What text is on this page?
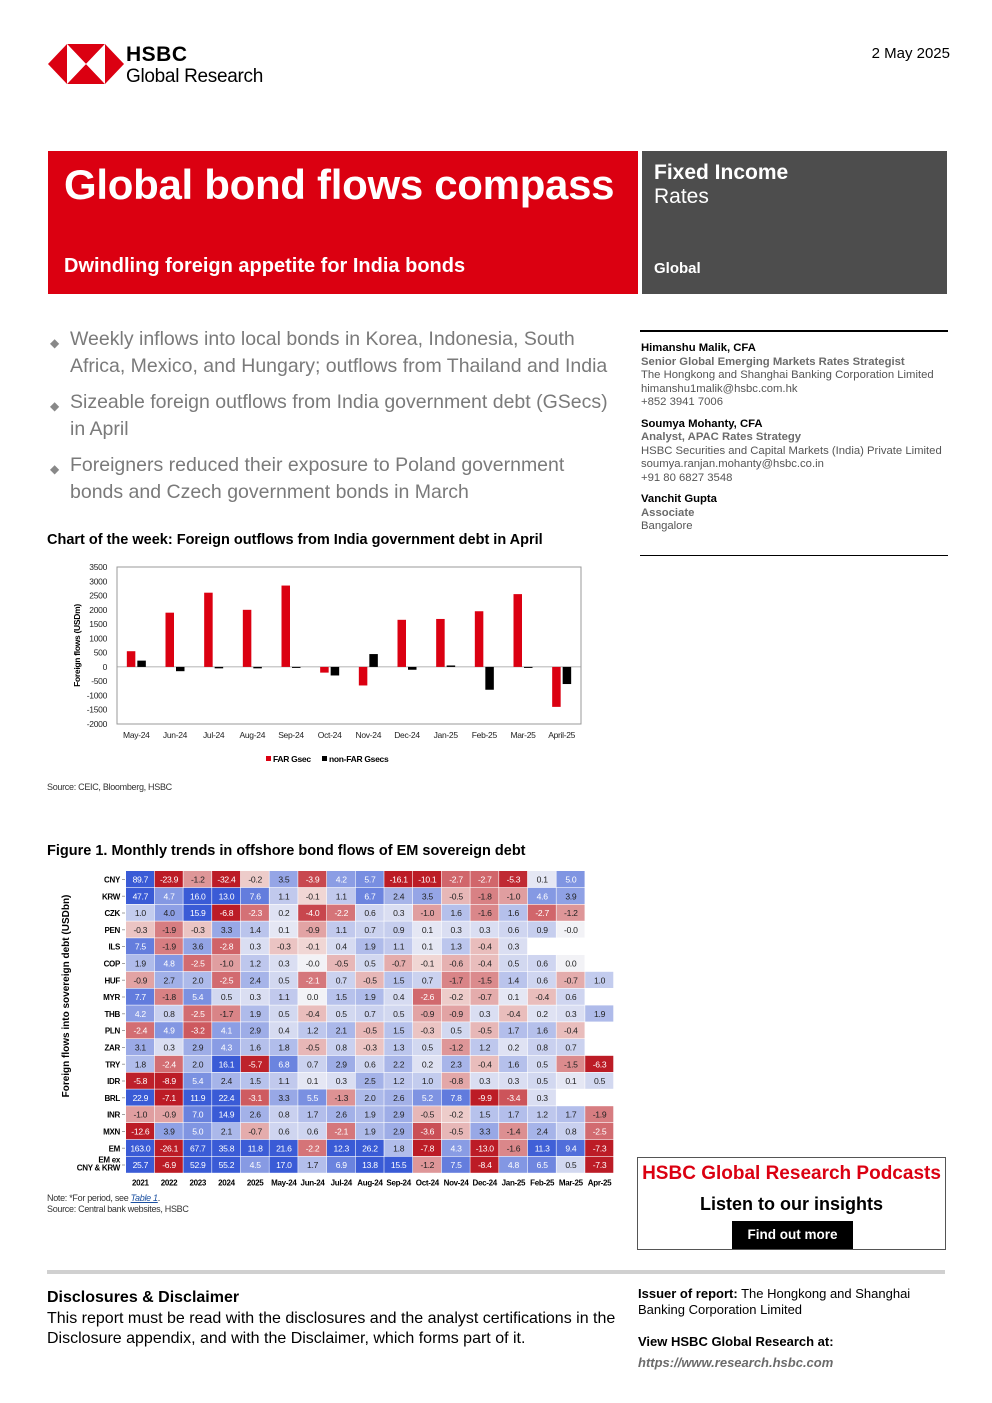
HSBC
Global Research
2 May 2025
Global bond flows compass
Dwindling foreign appetite for India bonds
Fixed Income
Rates
Global
◆ Weekly inflows into local bonds in Korea, Indonesia, South Africa, Mexico, and Hungary; outflows from Thailand and India
◆ Sizeable foreign outflows from India government debt (GSecs) in April
◆ Foreigners reduced their exposure to Poland government bonds and Czech government bonds in March
Himanshu Malik, CFA
Senior Global Emerging Markets Rates Strategist
The Hongkong and Shanghai Banking Corporation Limited
himanshu1malik@hsbc.com.hk
+852 3941 7006
Soumya Mohanty, CFA
Analyst, APAC Rates Strategy
HSBC Securities and Capital Markets (India) Private Limited
soumya.ranjan.mohanty@hsbc.co.in
+91 80 6827 3548
Vanchit Gupta
Associate
Bangalore
Chart of the week: Foreign outflows from India government debt in April
3500
3000
2500
2000
1500
1000
500
0
-500
-1000
-1500
-2000
Foreign flows (USDm)
May-24 Jun-24 Jul-24 Aug-24 Sep-24 Oct-24 Nov-24 Dec-24 Jan-25 Feb-25 Mar-25 April-25
FAR Gsec non-FAR Gsecs
Source: CEIC, Bloomberg, HSBC
Figure 1. Monthly trends in offshore bond flows of EM sovereign debt
Foreign flows into sovereign debt (USDbn)
CNY 89.7 -23.9 -1.2 -32.4 -0.2 3.5 -3.9 4.2 5.7 -16.1 -10.1 -2.7 -2.7 -5.3 0.1 5.0
KRW 47.7 4.7 16.0 13.0 7.6 1.1 -0.1 1.1 6.7 2.4 3.5 -0.5 -1.8 -1.0 4.6 3.9
CZK 1.0 4.0 15.9 -6.8 -2.3 0.2 -4.0 -2.2 0.6 0.3 -1.0 1.6 -1.6 1.6 -2.7 -1.2
PEN -0.3 -1.9 -0.3 3.3 1.4 0.1 -0.9 1.1 0.7 0.9 0.1 0.3 0.3 0.6 0.9 -0.0
ILS 7.5 -1.9 3.6 -2.8 0.3 -0.3 -0.1 0.4 1.9 1.1 0.1 1.3 -0.4 0.3
COP 1.9 4.8 -2.5 -1.0 1.2 0.3 -0.0 -0.5 0.5 -0.7 -0.1 -0.6 -0.4 0.5 0.6 0.0
HUF -0.9 2.7 2.0 -2.5 2.4 0.5 -2.1 0.7 -0.5 1.5 0.7 -1.7 -1.5 1.4 0.6 -0.7 1.0
MYR 7.7 -1.8 5.4 0.5 0.3 1.1 0.0 1.5 1.9 0.4 -2.6 -0.2 -0.7 0.1 -0.4 0.6
THB 4.2 0.8 -2.5 -1.7 1.9 0.5 -0.4 0.5 0.7 0.5 -0.9 -0.9 0.3 -0.4 0.2 0.3 1.9
PLN -2.4 4.9 -3.2 4.1 2.9 0.4 1.2 2.1 -0.5 1.5 -0.3 0.5 -0.5 1.7 1.6 -0.4
ZAR 3.1 0.3 2.9 4.3 1.6 1.8 -0.5 0.8 -0.3 1.3 0.5 -1.2 1.2 0.2 0.8 0.7
TRY 1.8 -2.4 2.0 16.1 -5.7 6.8 0.7 2.9 0.6 2.2 0.2 2.3 -0.4 1.6 0.5 -1.5 -6.3
IDR -5.8 -8.9 5.4 2.4 1.5 1.1 0.1 0.3 2.5 1.2 1.0 -0.8 0.3 0.3 0.5 0.1 0.5
BRL 22.9 -7.1 11.9 22.4 -3.1 3.3 5.5 -1.3 2.0 2.6 5.2 7.8 -9.9 -3.4 0.3
INR -1.0 -0.9 7.0 14.9 2.6 0.8 1.7 2.6 1.9 2.9 -0.5 -0.2 1.5 1.7 1.2 1.7 -1.9
MXN -12.6 3.9 5.0 2.1 -0.7 0.6 0.6 -2.1 1.9 2.9 -3.6 -0.5 3.3 -1.4 2.4 0.8 -2.5
EM 163.0 -26.1 67.7 35.8 11.8 21.6 -2.2 12.3 26.2 1.8 -7.8 4.3 -13.0 -1.6 11.3 9.4 -7.3
EM ex
CNY & KRW 25.7 -6.9 52.9 55.2 4.5 17.0 1.7 6.9 13.8 15.5 -1.2 7.5 -8.4 4.8 6.5 0.5 -7.3
2021 2022 2023 2024 2025 May-24 Jun-24 Jul-24 Aug-24 Sep-24 Oct-24 Nov-24 Dec-24 Jan-25 Feb-25 Mar-25 Apr-25
Note: *For period, see Table 1.
Source: Central bank websites, HSBC
HSBC Global Research Podcasts
Listen to our insights
Find out more
Disclosures & Disclaimer
This report must be read with the disclosures and the analyst certifications in the Disclosure appendix, and with the Disclaimer, which forms part of it.
Issuer of report: The Hongkong and Shanghai Banking Corporation Limited
View HSBC Global Research at:
https://www.research.hsbc.com
